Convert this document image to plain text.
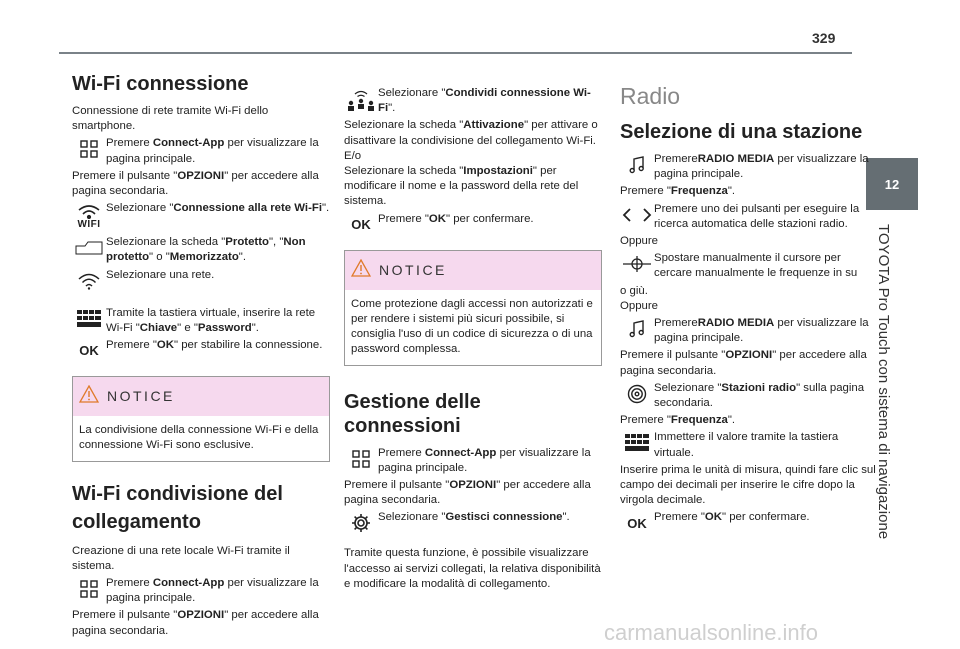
329
12
TOYOTA Pro Touch con sistema di navigazione
Wi-Fi connessione

Connessione di rete tramite Wi-Fi dello smartphone.

Premere Connect-App per visualizzare la pagina principale.

Premere il pulsante "OPZIONI" per accedere alla pagina secondaria.

WIFI
Selezionare "Connessione alla rete Wi-Fi".
Selezionare la scheda "Protetto", "Non protetto" o "Memorizzato".
Selezionare una rete.
Tramite la tastiera virtuale, inserire la rete Wi-Fi "Chiave" e "Password".
OK Premere "OK" per stabilire la connessione.
NOTICE
La condivisione della connessione Wi-Fi e della connessione Wi-Fi sono esclusive.
Wi-Fi condivisione del collegamento

Creazione di una rete locale Wi-Fi tramite il sistema.

Premere Connect-App per visualizzare la pagina principale.

Premere il pulsante "OPZIONI" per accedere alla pagina secondaria.

Selezionare "Condividi connessione Wi-Fi".

Selezionare la scheda "Attivazione" per attivare o disattivare la condivisione del collegamento Wi-Fi.

E/o

Selezionare la scheda "Impostazioni" per modificare il nome e la password della rete del sistema.

OK Premere "OK" per confermare.
NOTICE
Come protezione dagli accessi non autorizzati e per rendere i sistemi più sicuri possibile, si consiglia l'uso di un codice di sicurezza o di una password complessa.
Gestione delle connessioni
Premere Connect-App per visualizzare la pagina principale.

Premere il pulsante "OPZIONI" per accedere alla pagina secondaria.

Selezionare "Gestisci connessione".

Tramite questa funzione, è possibile visualizzare l'accesso ai servizi collegati, la relativa disponibilità e modificare la modalità di collegamento.

Radio
Selezione di una stazione
PremereRADIO MEDIA per visualizzare la pagina principale.

Premere "Frequenza".

Premere uno dei pulsanti per eseguire la ricerca automatica delle stazioni radio.

Oppure

Spostare manualmente il cursore per cercare manualmente le frequenze in su

o giù.

Oppure

PremereRADIO MEDIA per visualizzare la pagina principale.

Premere il pulsante "OPZIONI" per accedere alla pagina secondaria.

Selezionare "Stazioni radio" sulla pagina secondaria.

Premere "Frequenza".

Immettere il valore tramite la tastiera virtuale.

Inserire prima le unità di misura, quindi fare clic sul campo dei decimali per inserire le cifre dopo la virgola decimale.

OK Premere "OK" per confermare.
carmanualsonline.info
